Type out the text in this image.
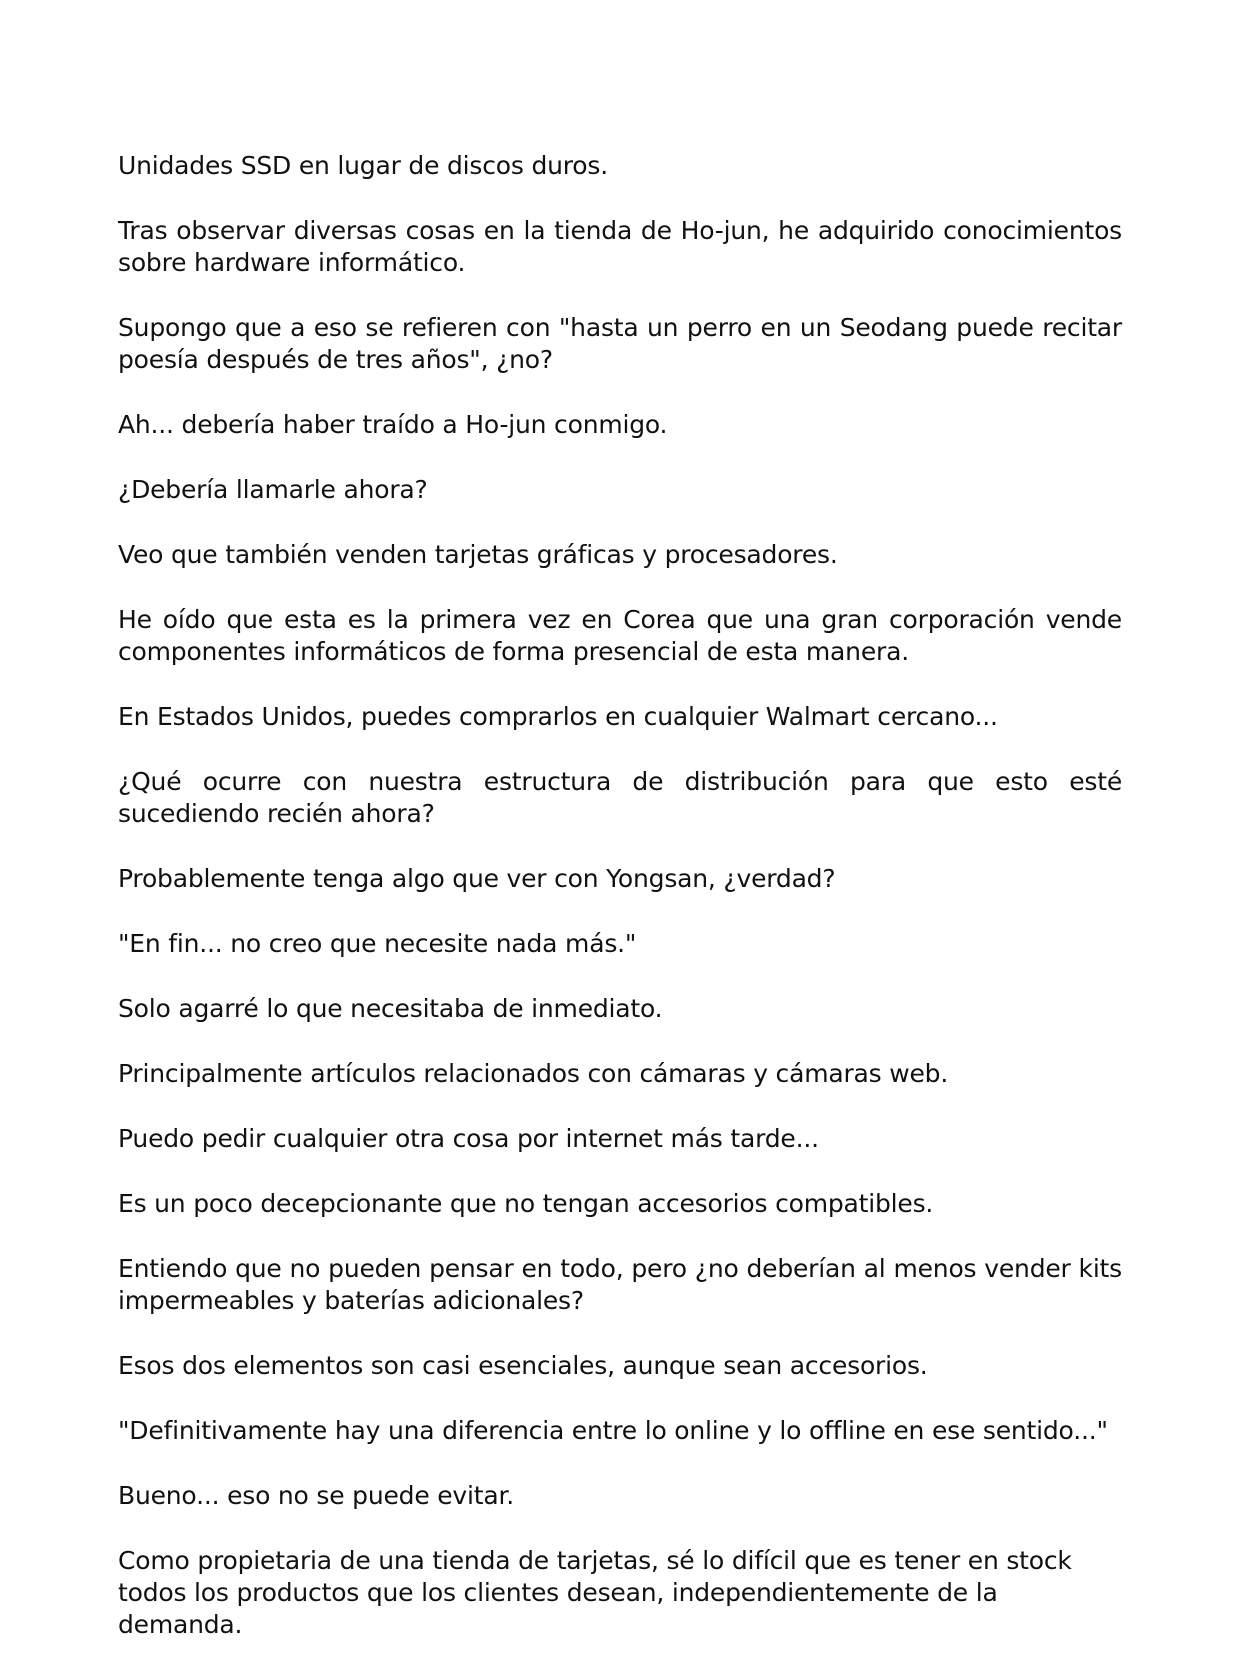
Unidades SSD en lugar de discos duros.

Tras observar diversas cosas en la tienda de Ho-jun, he adquirido conocimientos sobre hardware informático.

Supongo que a eso se refieren con "hasta un perro en un Seodang puede recitar poesía después de tres años", ¿no?

Ah... debería haber traído a Ho-jun conmigo.

¿Debería llamarle ahora?

Veo que también venden tarjetas gráficas y procesadores.

He oído que esta es la primera vez en Corea que una gran corporación vende componentes informáticos de forma presencial de esta manera.

En Estados Unidos, puedes comprarlos en cualquier Walmart cercano...

¿Qué ocurre con nuestra estructura de distribución para que esto esté sucediendo recién ahora?

Probablemente tenga algo que ver con Yongsan, ¿verdad?

"En fin... no creo que necesite nada más."

Solo agarré lo que necesitaba de inmediato.

Principalmente artículos relacionados con cámaras y cámaras web.

Puedo pedir cualquier otra cosa por internet más tarde...

Es un poco decepcionante que no tengan accesorios compatibles.

Entiendo que no pueden pensar en todo, pero ¿no deberían al menos vender kits impermeables y baterías adicionales?

Esos dos elementos son casi esenciales, aunque sean accesorios.

"Definitivamente hay una diferencia entre lo online y lo offline en ese sentido..."

Bueno... eso no se puede evitar.

Como propietaria de una tienda de tarjetas, sé lo difícil que es tener en stock todos los productos que los clientes desean, independientemente de la demanda.
